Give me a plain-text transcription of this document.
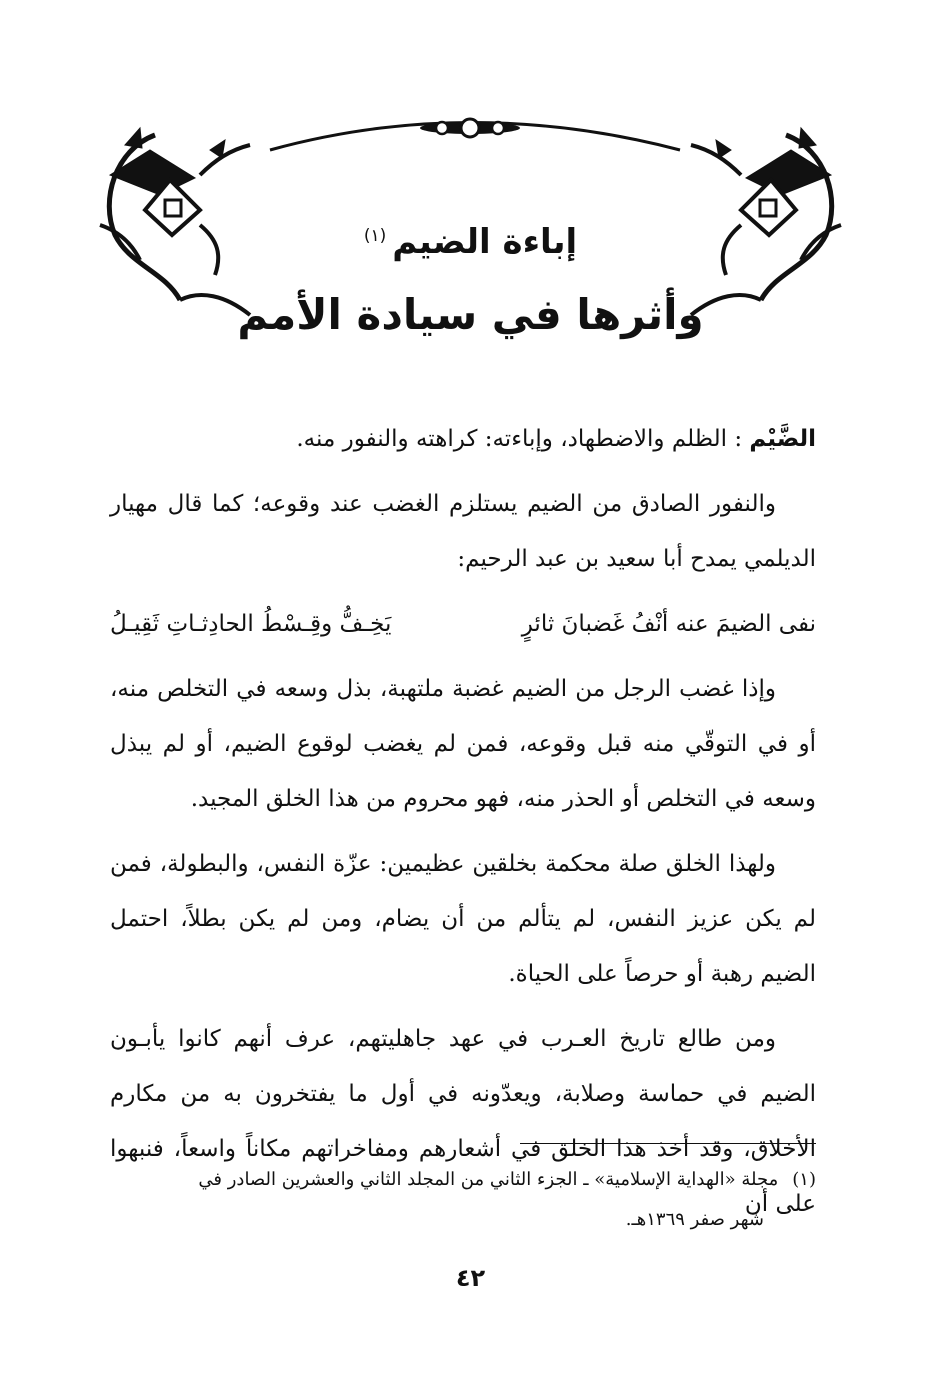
إباءة الضيم$^{(١)}$
وأثرها في سيادة الأمم

الضَّيْم : الظلم والاضطهاد، وإباءته: كراهته والنفور منه.

والنفور الصادق من الضيم يستلزم الغضب عند وقوعه؛ كما قال مهيار الديلمي يمدح أبا سعيد بن عبد الرحيم:

نفى الضيمَ عنه أنْفُ غَضبانَ ثائرٍ
يَخِـفُّ وقِـسْطُ الحادِثـاتِ ثَقِيـلُ

وإذا غضب الرجل من الضيم غضبة ملتهبة، بذل وسعه في التخلص منه، أو في التوقّي منه قبل وقوعه، فمن لم يغضب لوقوع الضيم، أو لم يبذل وسعه في التخلص أو الحذر منه، فهو محروم من هذا الخلق المجيد.

ولهذا الخلق صلة محكمة بخلقين عظيمين: عزّة النفس، والبطولة، فمن لم يكن عزيز النفس، لم يتألم من أن يضام، ومن لم يكن بطلاً، احتمل الضيم رهبة أو حرصاً على الحياة.

ومن طالع تاريخ العـرب في عهد جاهليتهم، عرف أنهم كانوا يأبـون الضيم في حماسة وصلابة، ويعدّونه في أول ما يفتخرون به من مكارم الأخلاق، وقد أخذ هذا الخلق في أشعارهم ومفاخراتهم مكاناً واسعاً، فنبهوا على أن

(١)مجلة «الهداية الإسلامية» ـ الجزء الثاني من المجلد الثاني والعشرين الصادر في
شهر صفر ١٣٦٩هـ.
٤٢
